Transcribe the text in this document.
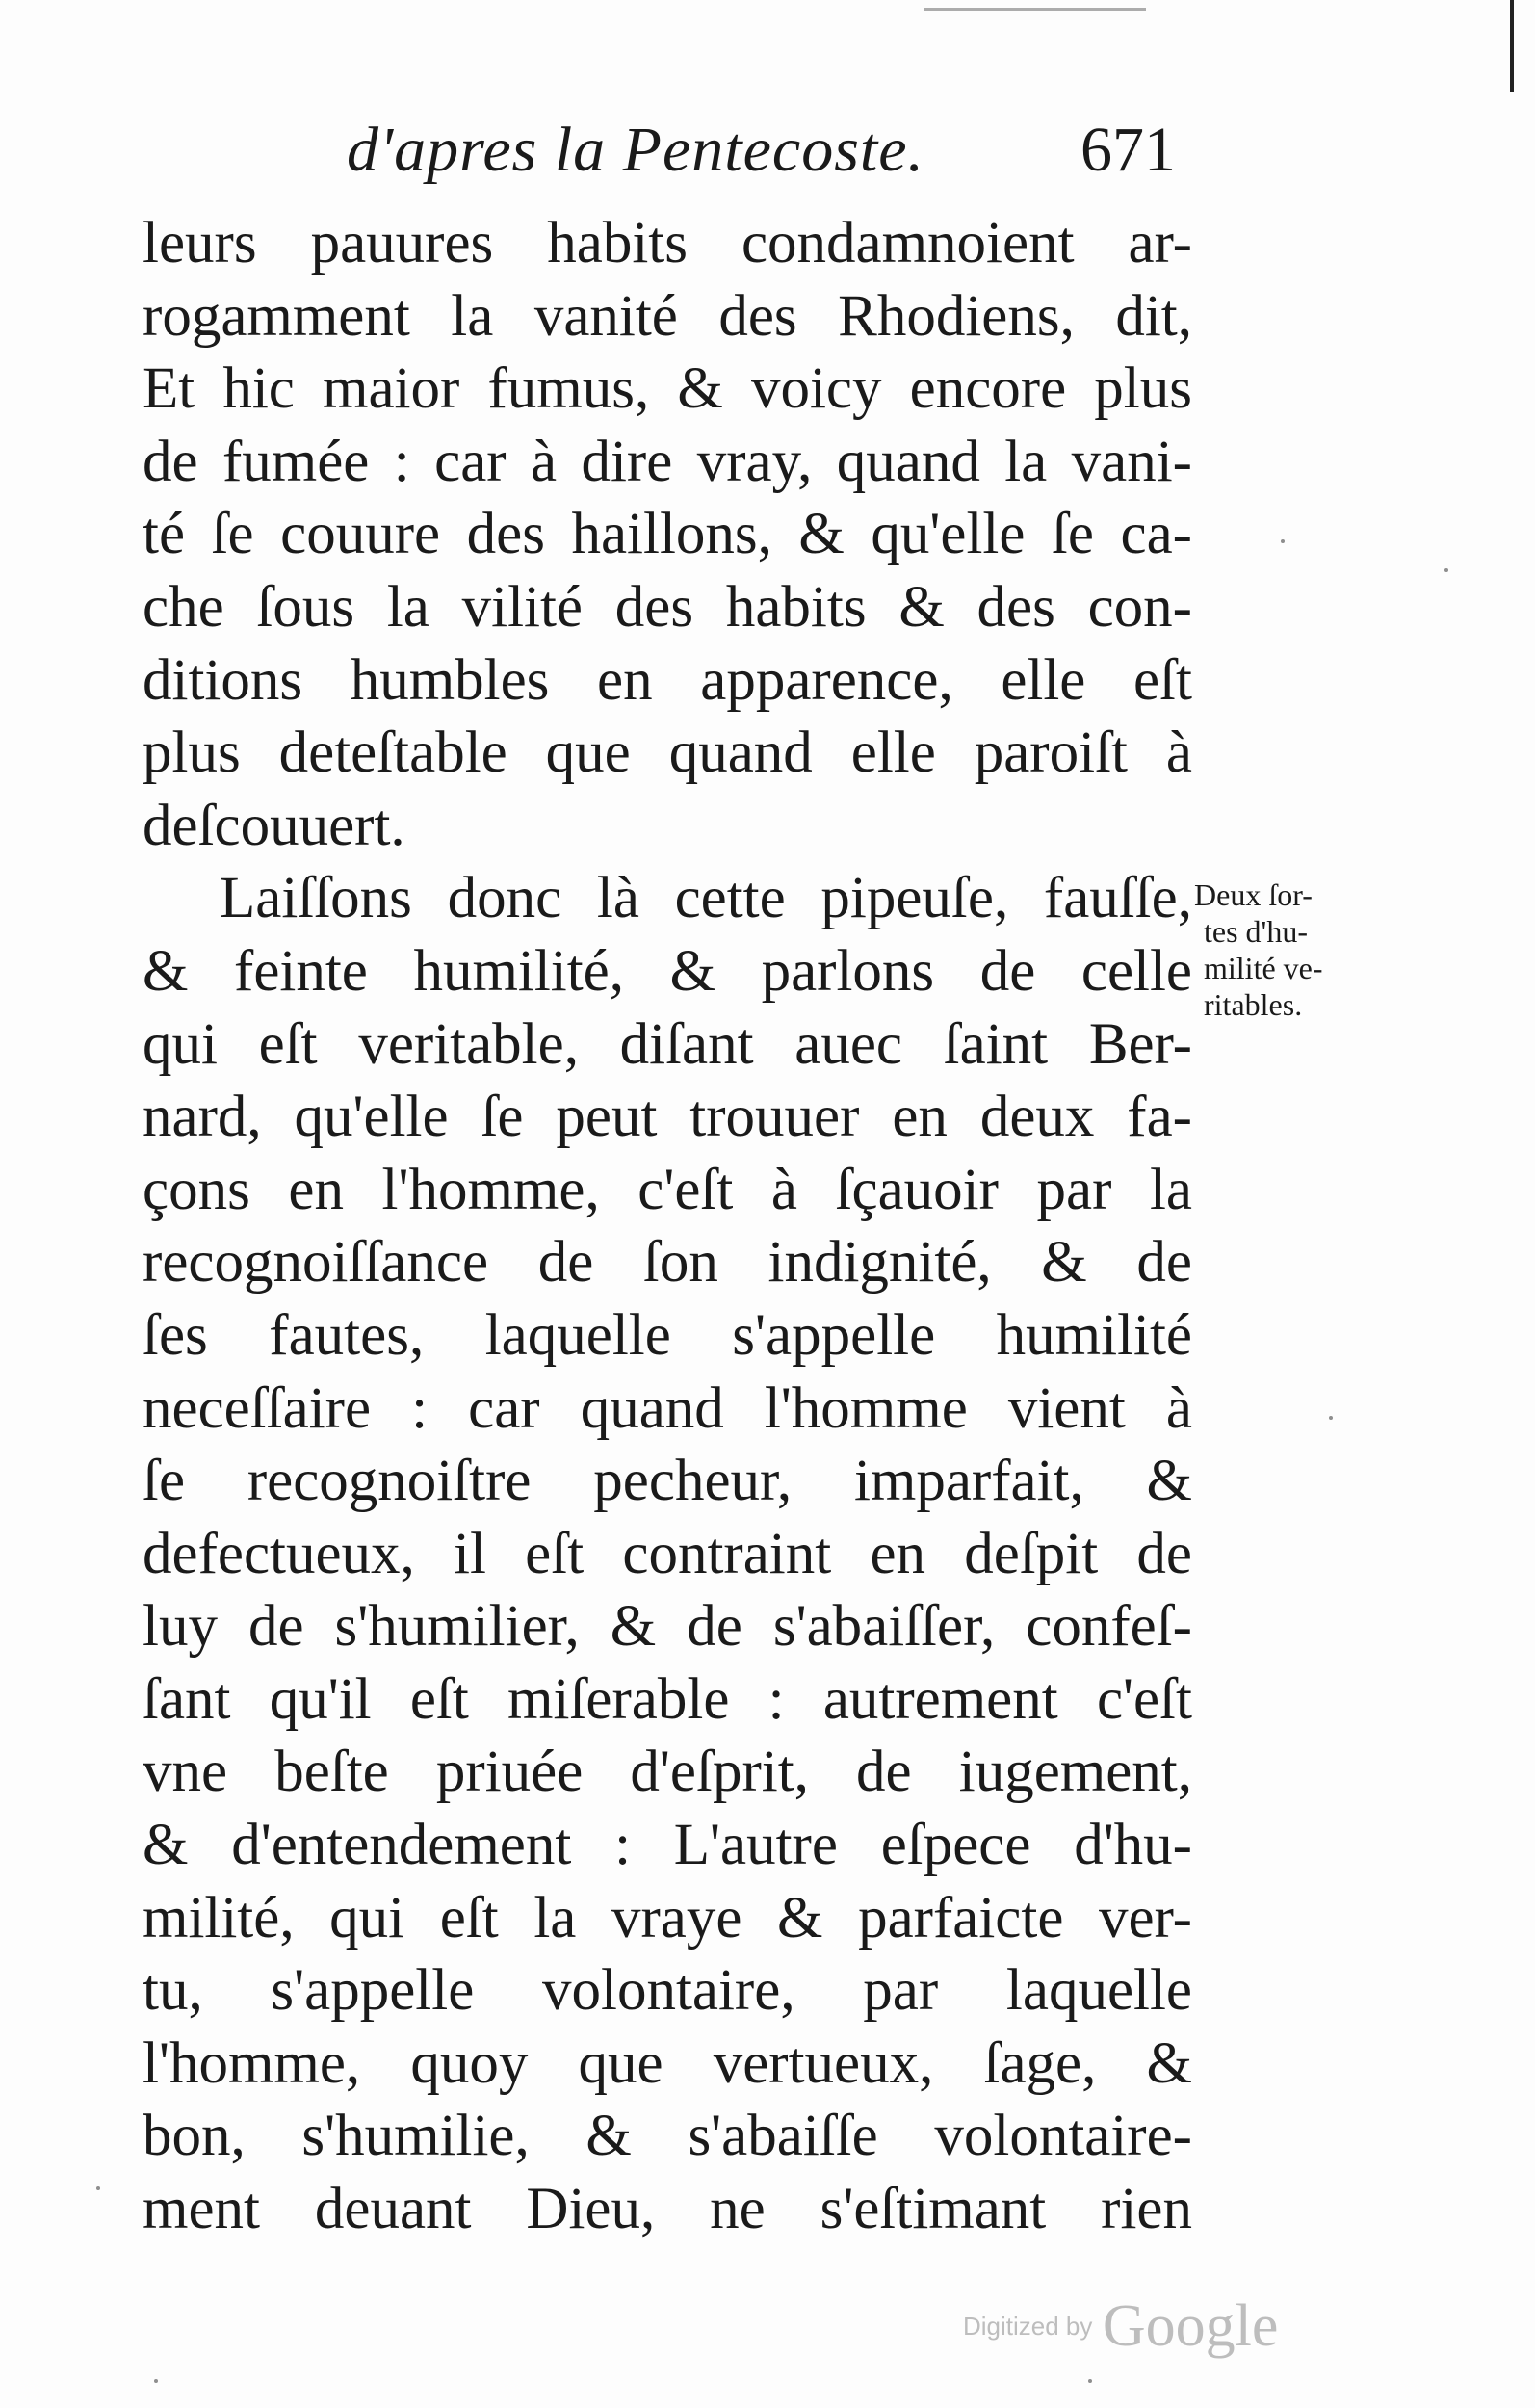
d'apres la Pentecoste. 671
leurs pauures habits condamnoient ar-
rogamment la vanité des Rhodiens, dit,
Et hic maior fumus, & voicy encore plus
de fumée : car à dire vray, quand la vani-
té ſe couure des haillons, & qu'elle ſe ca-
che ſous la vilité des habits & des con-
ditions humbles en apparence, elle eſt
plus deteſtable que quand elle paroiſt à
deſcouuert.
Laiſſons donc là cette pipeuſe, fauſſe,
& feinte humilité, & parlons de celle
qui eſt veritable, diſant auec ſaint Ber-
nard, qu'elle ſe peut trouuer en deux fa-
çons en l'homme, c'eſt à ſçauoir par la
recognoiſſance de ſon indignité, & de
ſes fautes, laquelle s'appelle humilité
neceſſaire : car quand l'homme vient à
ſe recognoiſtre pecheur, imparfait, &
defectueux, il eſt contraint en deſpit de
luy de s'humilier, & de s'abaiſſer, confeſ-
ſant qu'il eſt miſerable : autrement c'eſt
vne beſte priuée d'eſprit, de iugement,
& d'entendement : L'autre eſpece d'hu-
milité, qui eſt la vraye & parfaicte ver-
tu, s'appelle volontaire, par laquelle
l'homme, quoy que vertueux, ſage, &
bon, s'humilie, & s'abaiſſe volontaire-
ment deuant Dieu, ne s'eſtimant rien
Deux ſor-
tes d'hu-
milité ve-
ritables.
Digitized by Google
